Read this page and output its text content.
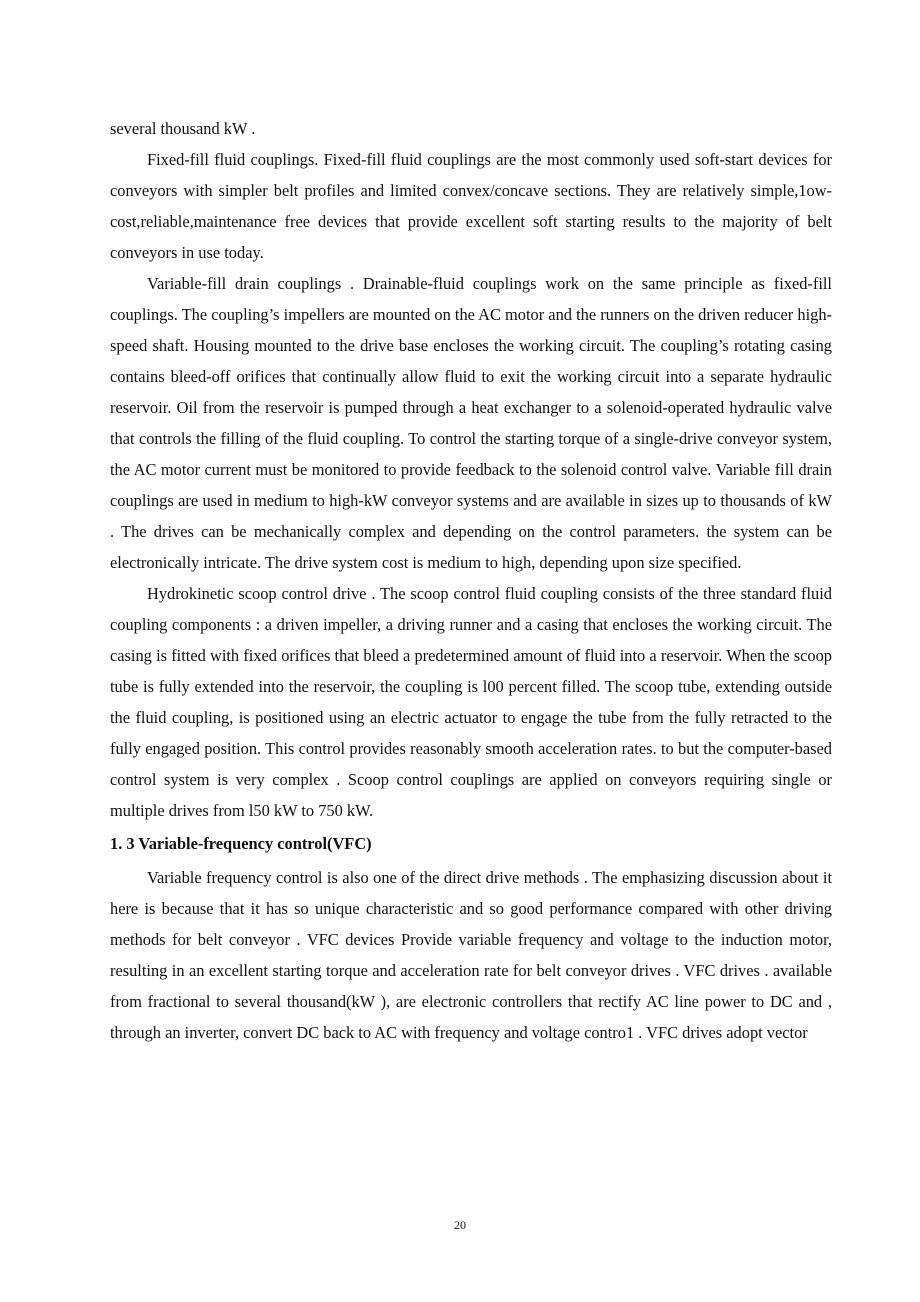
several thousand kW .

Fixed-fill fluid couplings. Fixed-fill fluid couplings are the most commonly used soft-start devices for conveyors with simpler belt profiles and limited convex/concave sections. They are relatively simple,1ow-cost,reliable,maintenance free devices that provide excellent soft starting results to the majority of belt conveyors in use today.

Variable-fill drain couplings . Drainable-fluid couplings work on the same principle as fixed-fill couplings. The coupling’s impellers are mounted on the AC motor and the runners on the driven reducer high-speed shaft. Housing mounted to the drive base encloses the working circuit. The coupling’s rotating casing contains bleed-off orifices that continually allow fluid to exit the working circuit into a separate hydraulic reservoir. Oil from the reservoir is pumped through a heat exchanger to a solenoid-operated hydraulic valve that controls the filling of the fluid coupling. To control the starting torque of a single-drive conveyor system, the AC motor current must be monitored to provide feedback to the solenoid control valve. Variable fill drain couplings are used in medium to high-kW conveyor systems and are available in sizes up to thousands of kW . The drives can be mechanically complex and depending on the control parameters. the system can be electronically intricate. The drive system cost is medium to high, depending upon size specified.

Hydrokinetic scoop control drive . The scoop control fluid coupling consists of the three standard fluid coupling components : a driven impeller, a driving runner and a casing that encloses the working circuit. The casing is fitted with fixed orifices that bleed a predetermined amount of fluid into a reservoir. When the scoop tube is fully extended into the reservoir, the coupling is l00 percent filled. The scoop tube, extending outside the fluid coupling, is positioned using an electric actuator to engage the tube from the fully retracted to the fully engaged position. This control provides reasonably smooth acceleration rates. to but the computer-based control system is very complex . Scoop control couplings are applied on conveyors requiring single or multiple drives from l50 kW to 750 kW.

1. 3 Variable-frequency control(VFC)

Variable frequency control is also one of the direct drive methods . The emphasizing discussion about it here is because that it has so unique characteristic and so good performance compared with other driving methods for belt conveyor . VFC devices Provide variable frequency and voltage to the induction motor, resulting in an excellent starting torque and acceleration rate for belt conveyor drives . VFC drives . available from fractional to several thousand(kW ), are electronic controllers that rectify AC line power to DC and , through an inverter, convert DC back to AC with frequency and voltage contro1 . VFC drives adopt vector

20
